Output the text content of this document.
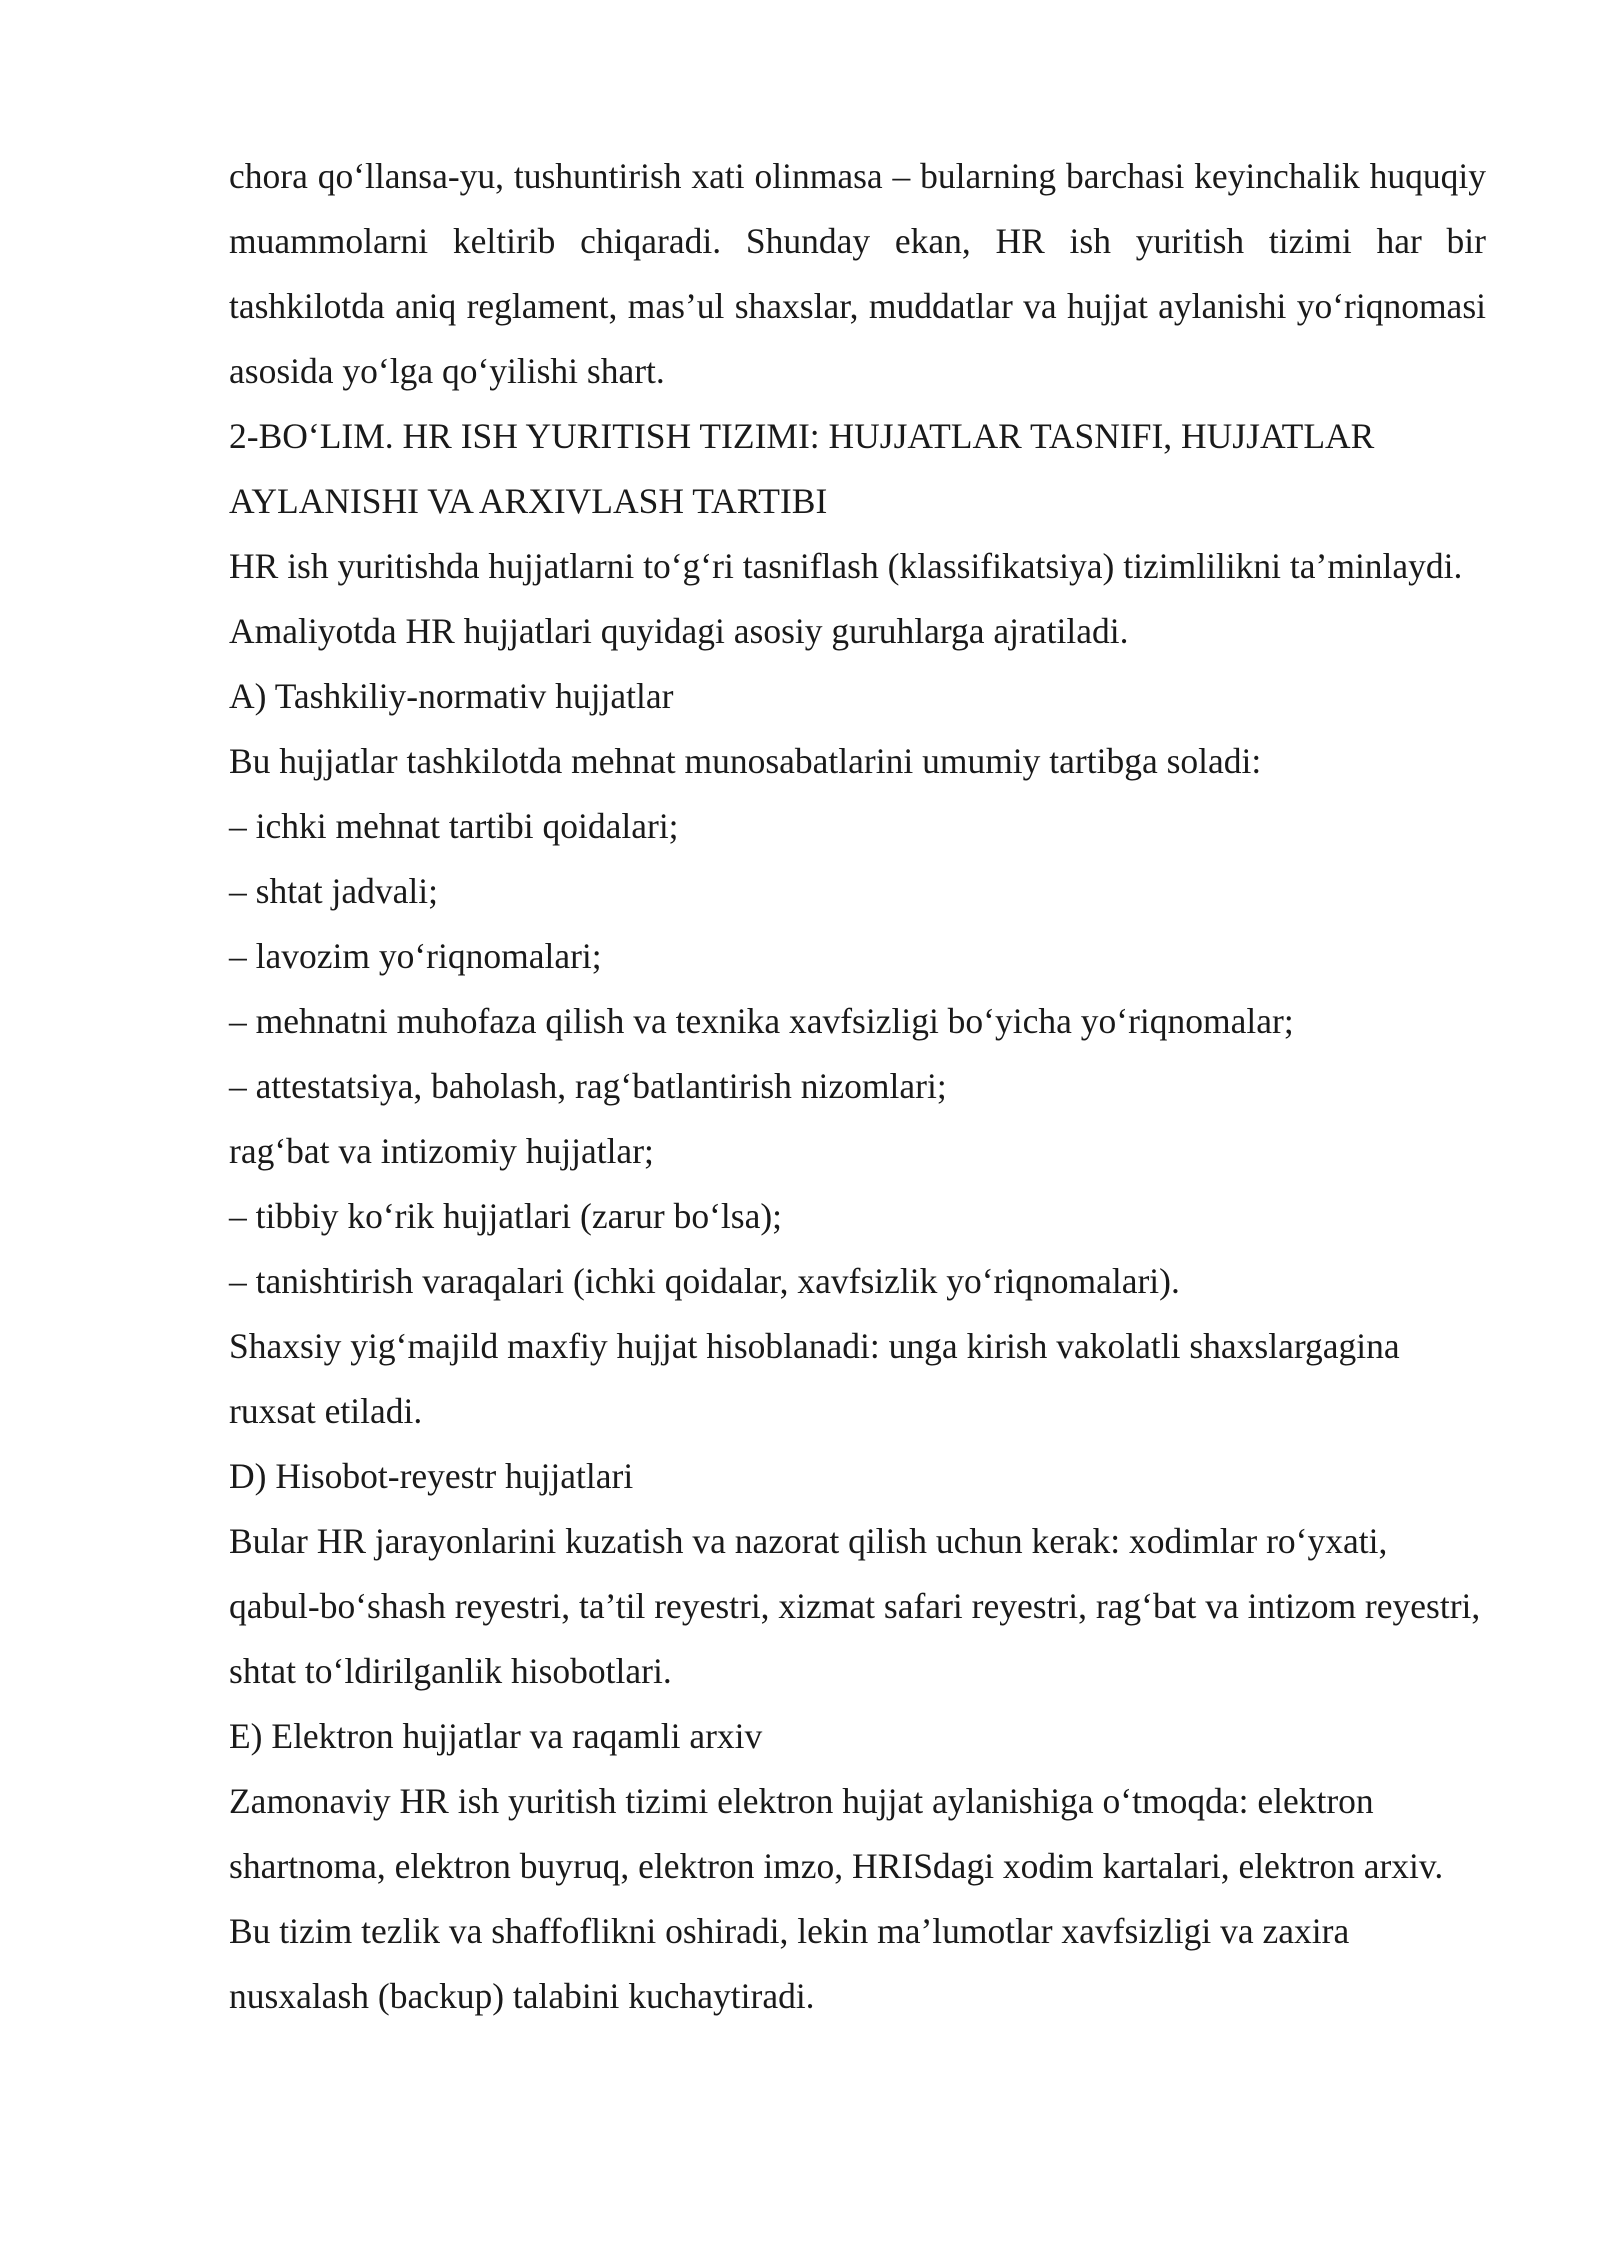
chora qo‘llansa-yu, tushuntirish xati olinmasa – bularning barchasi keyinchalik huquqiy muammolarni keltirib chiqaradi. Shunday ekan, HR ish yuritish tizimi har bir tashkilotda aniq reglament, mas’ul shaxslar, muddatlar va hujjat aylanishi yo‘riqnomasi asosida yo‘lga qo‘yilishi shart.

2-BO‘LIM. HR ISH YURITISH TIZIMI: HUJJATLAR TASNIFI, HUJJATLAR AYLANISHI VA ARXIVLASH TARTIBI

HR ish yuritishda hujjatlarni to‘g‘ri tasniflash (klassifikatsiya) tizimlilikni ta’minlaydi. Amaliyotda HR hujjatlari quyidagi asosiy guruhlarga ajratiladi.

A) Tashkiliy-normativ hujjatlar

Bu hujjatlar tashkilotda mehnat munosabatlarini umumiy tartibga soladi:

– ichki mehnat tartibi qoidalari;

– shtat jadvali;

– lavozim yo‘riqnomalari;

– mehnatni muhofaza qilish va texnika xavfsizligi bo‘yicha yo‘riqnomalar;

– attestatsiya, baholash, rag‘batlantirish nizomlari;

rag‘bat va intizomiy hujjatlar;

– tibbiy ko‘rik hujjatlari (zarur bo‘lsa);

– tanishtirish varaqalari (ichki qoidalar, xavfsizlik yo‘riqnomalari).

Shaxsiy yig‘majild maxfiy hujjat hisoblanadi: unga kirish vakolatli shaxslargagina ruxsat etiladi.

D) Hisobot-reyestr hujjatlari

Bular HR jarayonlarini kuzatish va nazorat qilish uchun kerak: xodimlar ro‘yxati, qabul-bo‘shash reyestri, ta’til reyestri, xizmat safari reyestri, rag‘bat va intizom reyestri, shtat to‘ldirilganlik hisobotlari.

E) Elektron hujjatlar va raqamli arxiv

Zamonaviy HR ish yuritish tizimi elektron hujjat aylanishiga o‘tmoqda: elektron shartnoma, elektron buyruq, elektron imzo, HRISdagi xodim kartalari, elektron arxiv. Bu tizim tezlik va shaffoflikni oshiradi, lekin ma’lumotlar xavfsizligi va zaxira nusxalash (backup) talabini kuchaytiradi.
